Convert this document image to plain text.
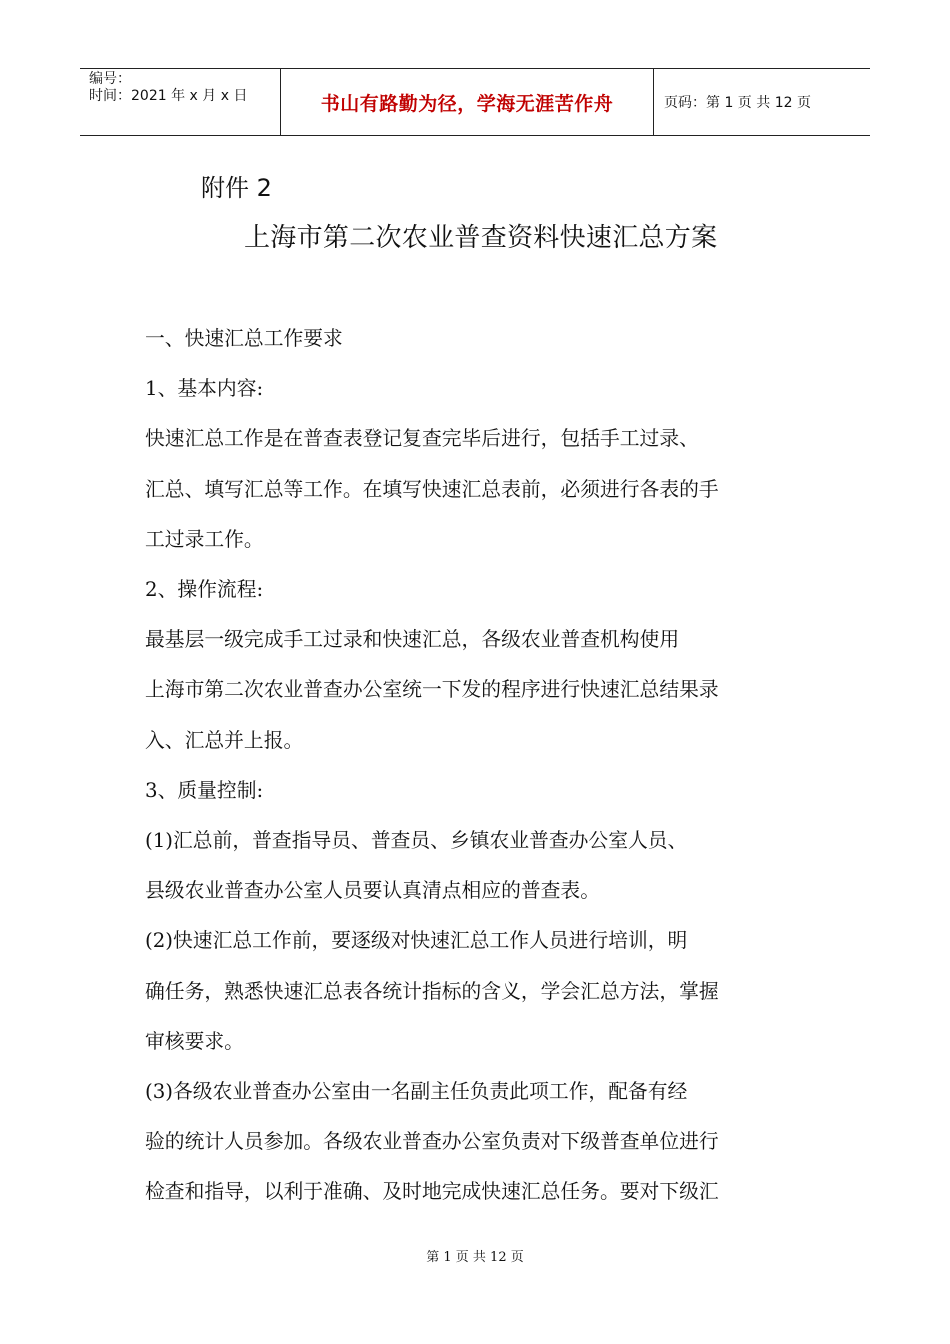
编号：
时间：2021 年 x 月 x 日	书山有路勤为径，学海无涯苦作舟	页码：第 1 页 共 12 页
附件 2
上海市第二次农业普查资料快速汇总方案

一、快速汇总工作要求

1、基本内容:

快速汇总工作是在普查表登记复查完毕后进行，包括手工过录、

汇总、填写汇总等工作。在填写快速汇总表前，必须进行各表的手

工过录工作。

2、操作流程:

最基层一级完成手工过录和快速汇总，各级农业普查机构使用

上海市第二次农业普查办公室统一下发的程序进行快速汇总结果录

入、汇总并上报。

3、质量控制:

(1)汇总前，普查指导员、普查员、乡镇农业普查办公室人员、

县级农业普查办公室人员要认真清点相应的普查表。

(2)快速汇总工作前，要逐级对快速汇总工作人员进行培训，明

确任务，熟悉快速汇总表各统计指标的含义，学会汇总方法，掌握

审核要求。

(3)各级农业普查办公室由一名副主任负责此项工作，配备有经

验的统计人员参加。各级农业普查办公室负责对下级普查单位进行

检查和指导，以利于准确、及时地完成快速汇总任务。要对下级汇

第 1 页 共 12 页
